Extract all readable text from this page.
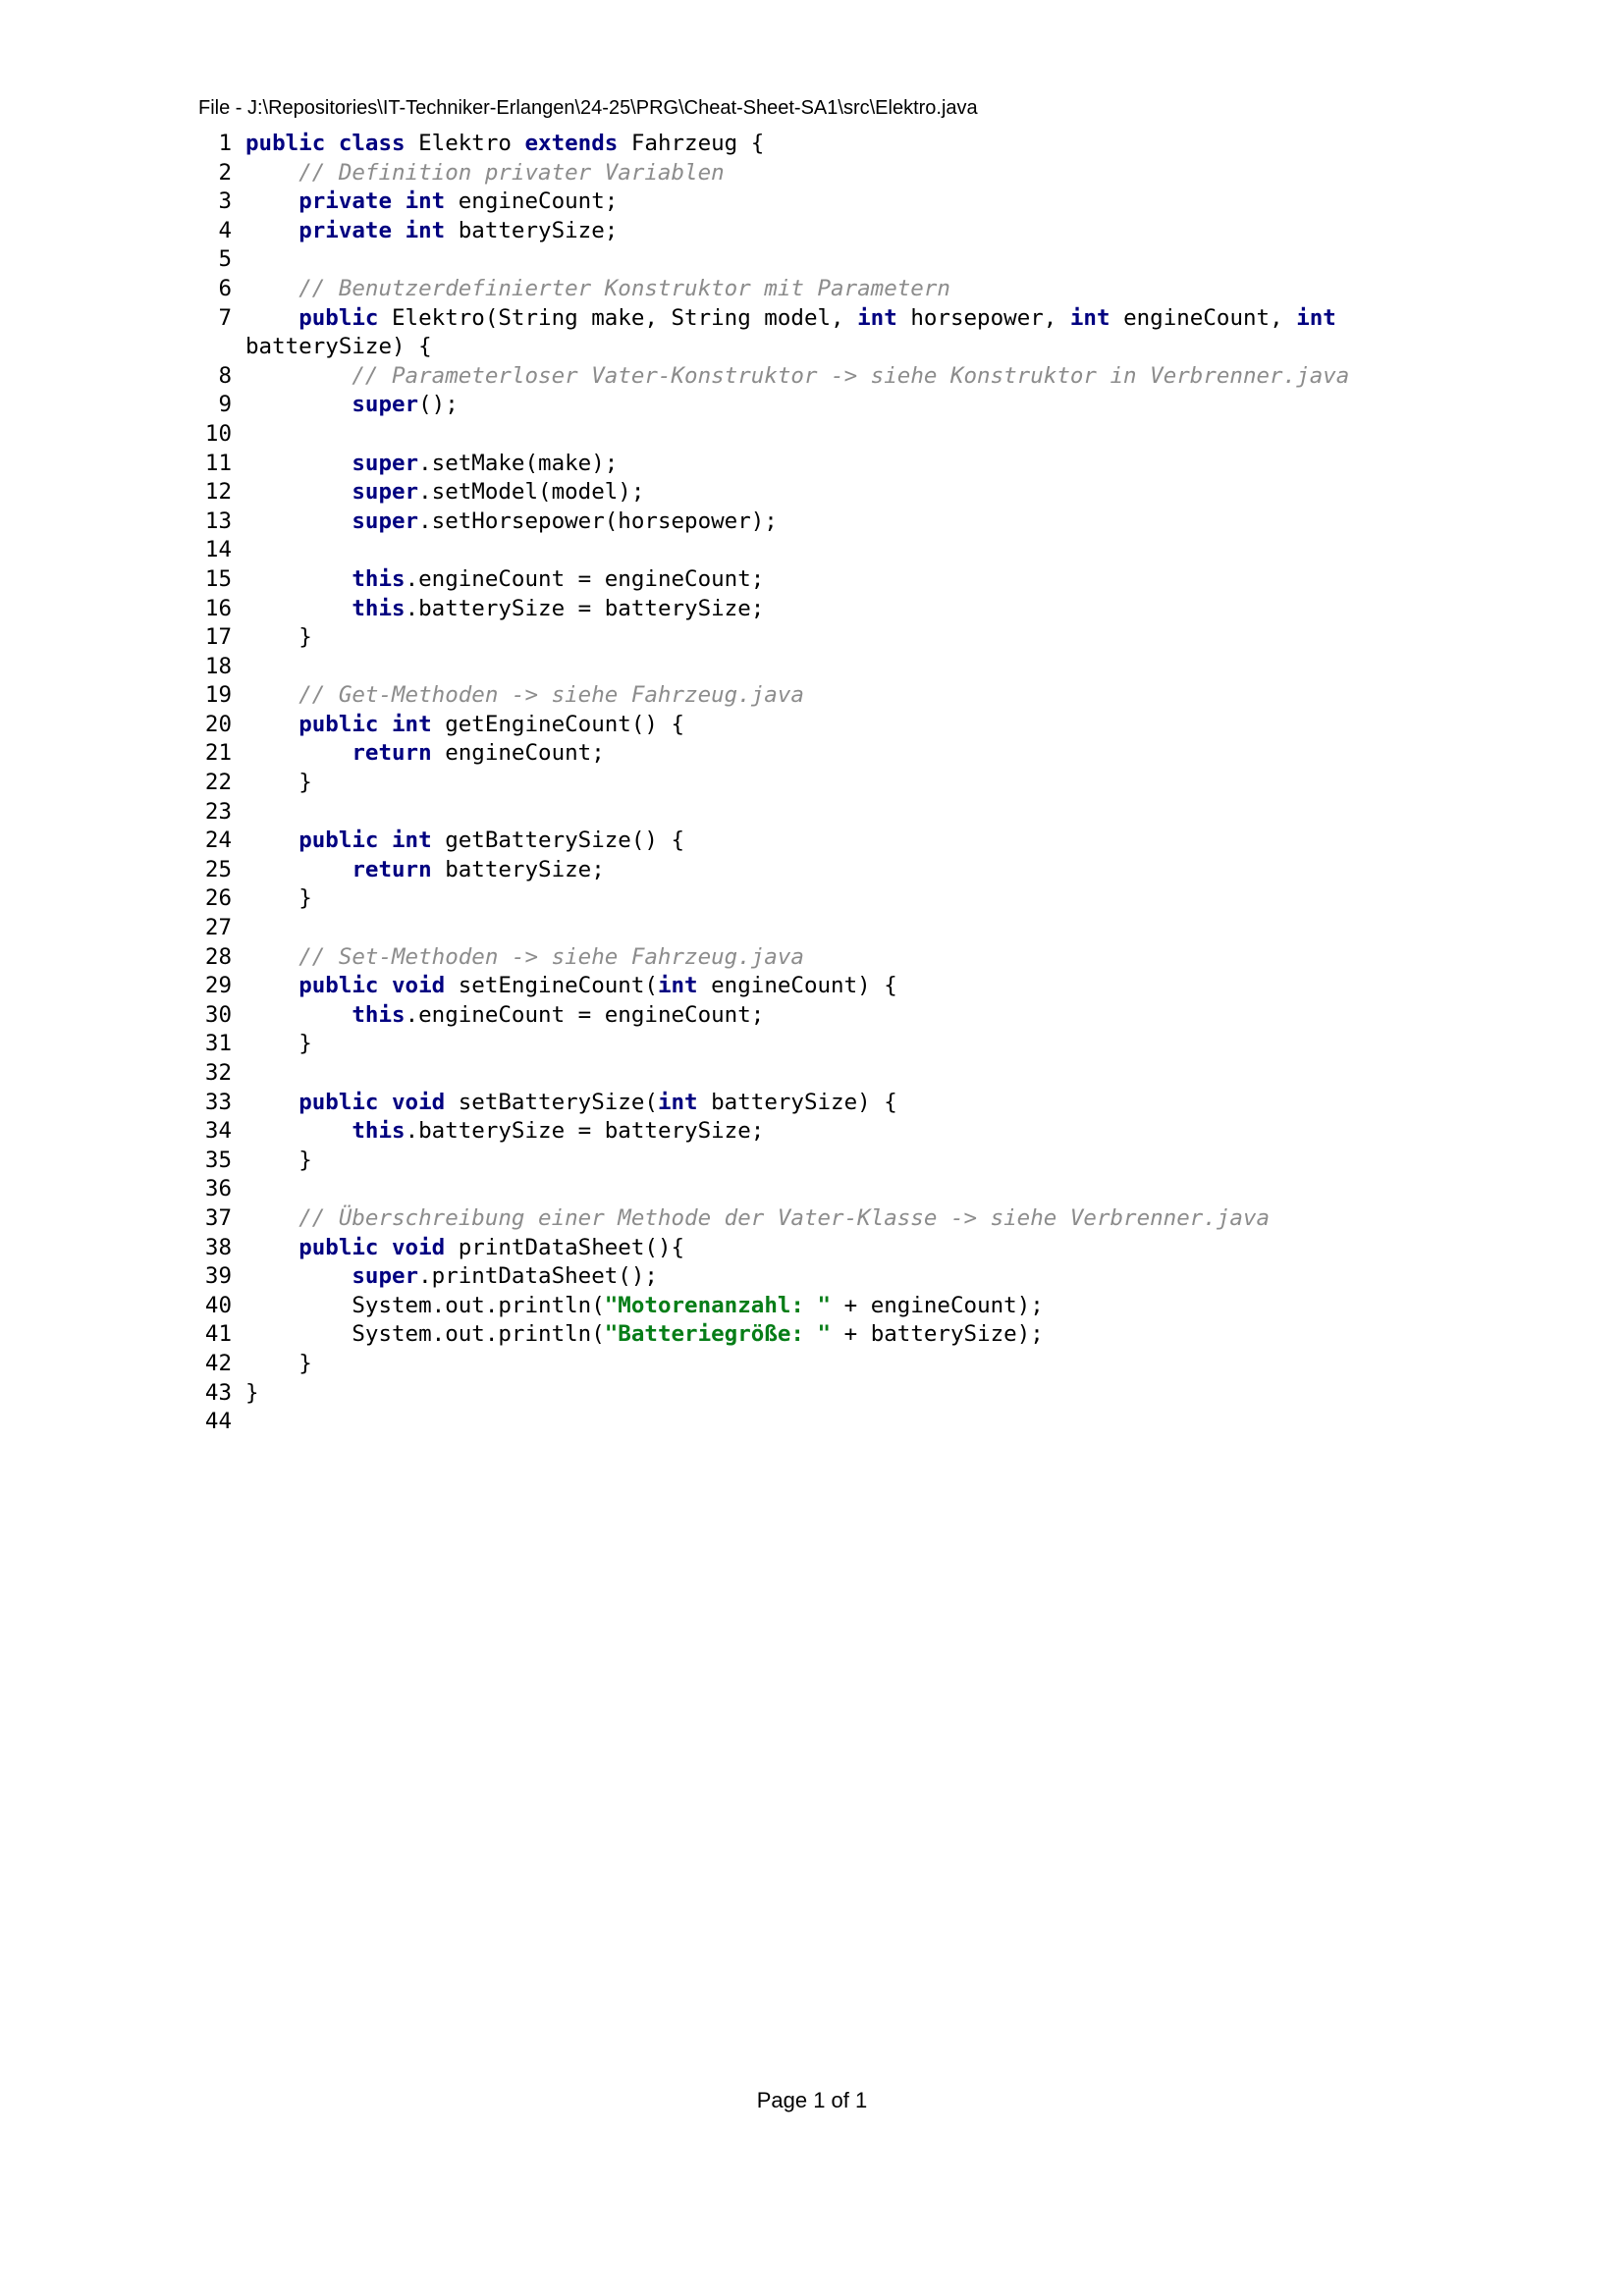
File - J:\Repositories\IT-Techniker-Erlangen\24-25\PRG\Cheat-Sheet-SA1\src\Elektro.java
1 public class Elektro extends Fahrzeug {
2	// Definition privater Variablen
3	private int engineCount;
4	private int batterySize;
5
6	// Benutzerdefinierter Konstruktor mit Parametern
7	public Elektro(String make, String model, int horsepower, int engineCount, int batterySize) {
8	// Parameterloser Vater-Konstruktor -> siehe Konstruktor in Verbrenner.java
9	super();
10
11	super.setMake(make);
12	super.setModel(model);
13	super.setHorsepower(horsepower);
14
15	this.engineCount = engineCount;
16	this.batterySize = batterySize;
17 }
18
19	// Get-Methoden -> siehe Fahrzeug.java
20	public int getEngineCount() {
21	return engineCount;
22 }
23
24	public int getBatterySize() {
25	return batterySize;
26 }
27
28	// Set-Methoden -> siehe Fahrzeug.java
29	public void setEngineCount(int engineCount) {
30	this.engineCount = engineCount;
31 }
32
33	public void setBatterySize(int batterySize) {
34	this.batterySize = batterySize;
35 }
36
37	// Überschreibung einer Methode der Vater-Klasse -> siehe Verbrenner.java
38	public void printDataSheet(){
39	super.printDataSheet();
40 System.out.println("Motorenanzahl: " + engineCount);
41 System.out.println("Batteriegröße: " + batterySize);
42 }
43 }
44
Page 1 of 1
